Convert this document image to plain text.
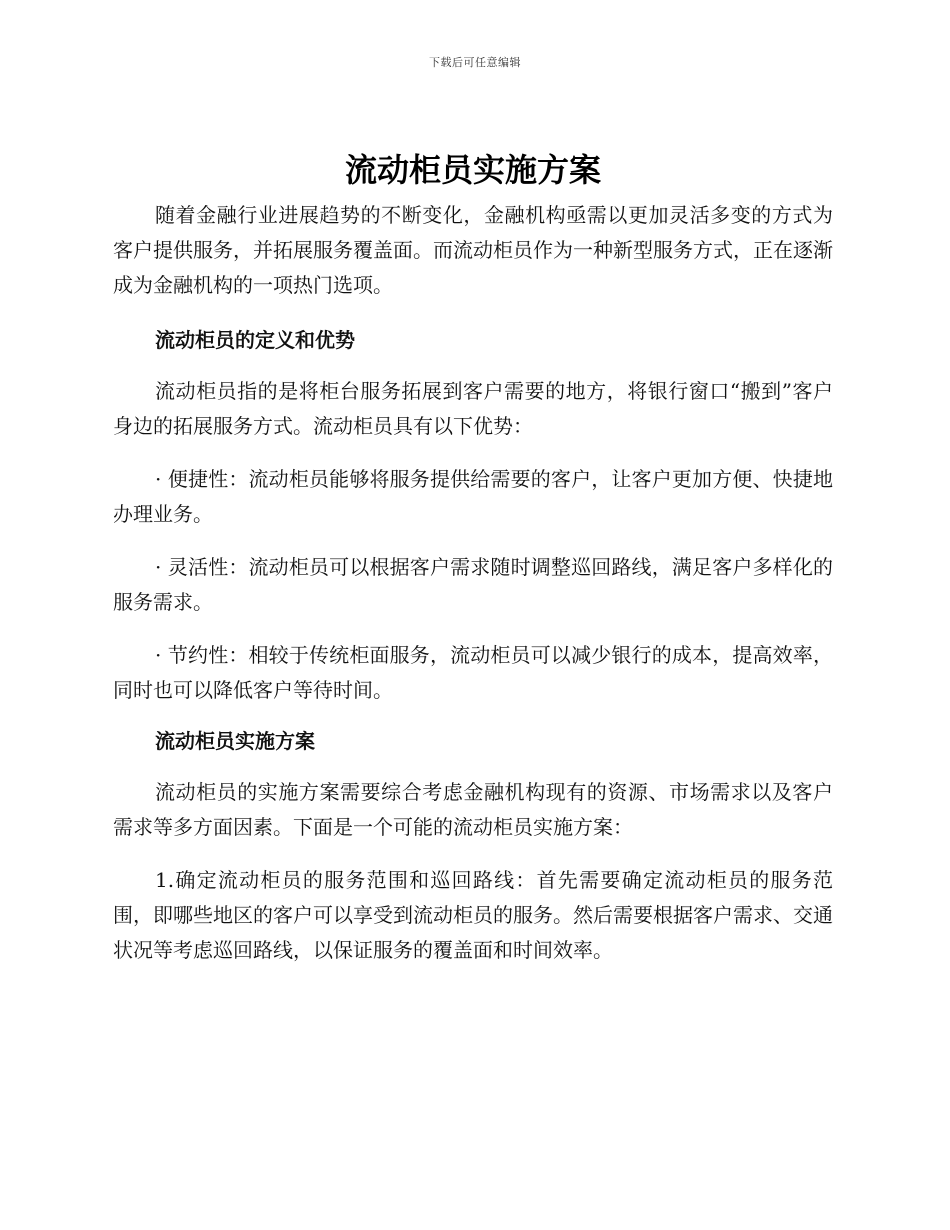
下载后可任意编辑
流动柜员实施方案

随着金融行业进展趋势的不断变化，金融机构亟需以更加灵活多变的方式为客户提供服务，并拓展服务覆盖面。而流动柜员作为一种新型服务方式，正在逐渐成为金融机构的一项热门选项。

流动柜员的定义和优势

流动柜员指的是将柜台服务拓展到客户需要的地方，将银行窗口“搬到”客户身边的拓展服务方式。流动柜员具有以下优势：

· 便捷性：流动柜员能够将服务提供给需要的客户，让客户更加方便、快捷地办理业务。

· 灵活性：流动柜员可以根据客户需求随时调整巡回路线，满足客户多样化的服务需求。

· 节约性：相较于传统柜面服务，流动柜员可以减少银行的成本，提高效率，同时也可以降低客户等待时间。

流动柜员实施方案

流动柜员的实施方案需要综合考虑金融机构现有的资源、市场需求以及客户需求等多方面因素。下面是一个可能的流动柜员实施方案：

1.确定流动柜员的服务范围和巡回路线：首先需要确定流动柜员的服务范围，即哪些地区的客户可以享受到流动柜员的服务。然后需要根据客户需求、交通状况等考虑巡回路线，以保证服务的覆盖面和时间效率。
